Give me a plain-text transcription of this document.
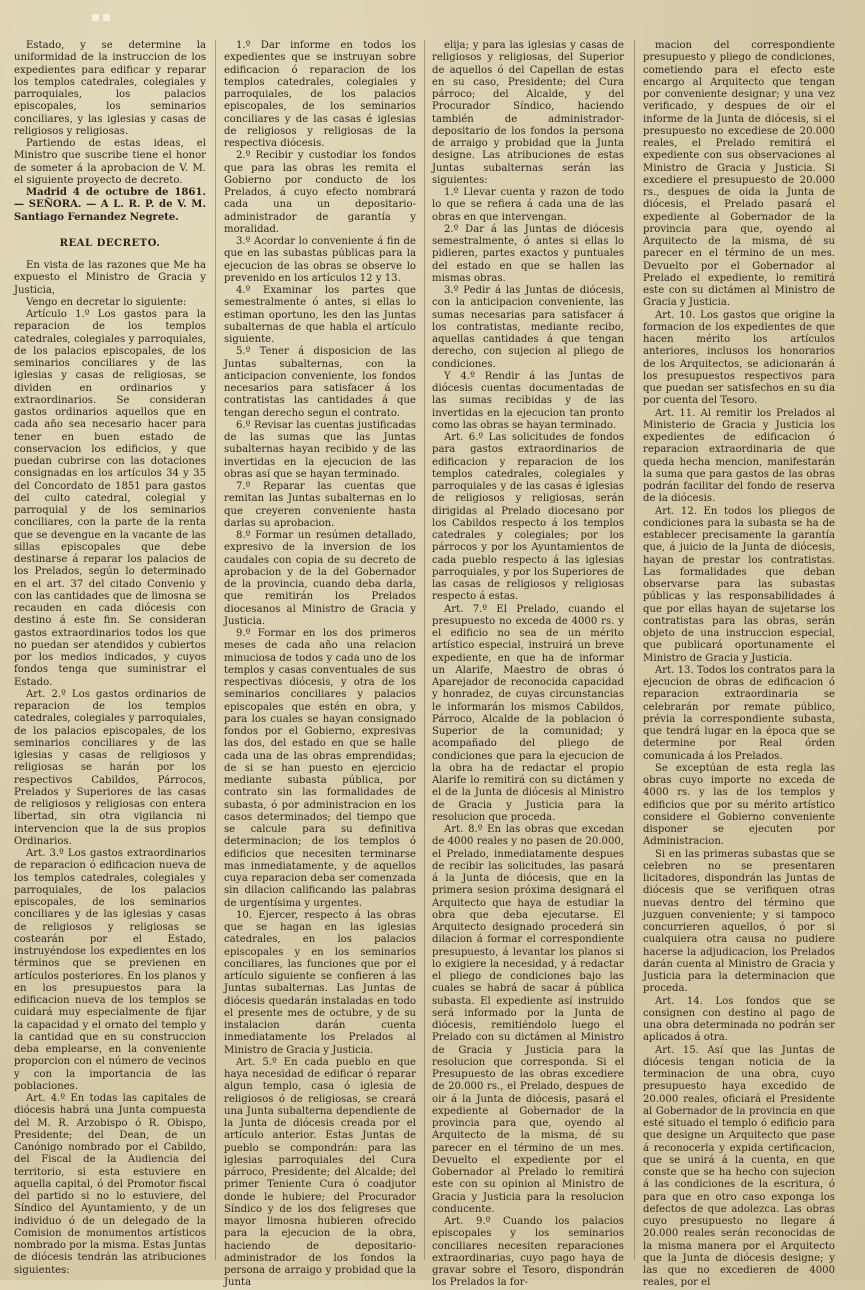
Estado, y se determine la uniformidad de la instruccion de los expedientes para edificar y reparar los templos catedrales, colegiales y parroquiales, los palacios episcopales, los seminarios conciliares, y las iglesias y casas de religiosos y religiosas.

Partiendo de estas ideas, el Ministro que suscribe tiene el honor de someter á la aprobacion de V. M. el siguiente proyecto de decreto.

Madrid 4 de octubre de 1861. — SEÑORA. — A L. R. P. de V. M. Santiago Fernandez Negrete.

REAL DECRETO.

En vista de las razones que Me ha expuesto el Ministro de Gracia y Justicia,

Vengo en decretar lo siguiente:

Artículo 1.º Los gastos para la reparacion de los templos catedrales, colegiales y parroquiales, de los palacios episcopales, de los seminarios conciliares y de las iglesias y casas de religiosas, se dividen en ordinarios y extraordinarios. Se consideran gastos ordinarios aquellos que en cada año sea necesario hacer para tener en buen estado de conservacion los edificios, y que puedan cubrirse con las dotaciones consignadas en los artículos 34 y 35 del Concordato de 1851 para gastos del culto catedral, colegial y parroquial y de los seminarios conciliares, con la parte de la renta que se devengue en la vacante de las sillas episcopales que debe destinarse á reparar los palacios de los Prelados, según lo determinado en el art. 37 del citado Convenio y con las cantidades que de limosna se recauden en cada diócesis con destino á este fin. Se consideran gastos extraordinarios todos los que no puedan ser atendidos y cubiertos por los medios indicados, y cuyos fondos tenga que suministrar el Estado.

Art. 2.º Los gastos ordinarios de reparacion de los templos catedrales, colegiales y parroquiales, de los palacios episcopales, de los seminarios conciliares y de las iglesias y casas de religiosos y religiosas se harán por los respectivos Cabildos, Párrocos, Prelados y Superiores de las casas de religiosos y religiosas con entera libertad, sin otra vigilancia ni intervencion que la de sus propios Ordinarios.

Art. 3.º Los gastos extraordinarios de reparacion ó edificacion nueva de los templos catedrales, colegiales y parroquiales, de los palacios episcopales, de los seminarios conciliares y de las iglesias y casas de religiosos y religiosas se costearán por el Estado, instruyéndose los expedientes en los términos que se previenen en artículos posteriores. En los planos y en los presupuestos para la edificacion nueva de los templos se cuidará muy especialmente de fijar la capacidad y el ornato del templo y la cantidad que en su construccion deba emplearse, en la conveniente proporcion con el número de vecinos y con la importancia de las poblaciones.

Art. 4.º En todas las capitales de diócesis habrá una Junta compuesta del M. R. Arzobispo ó R. Obispo, Presidente; del Dean, de un Canónigo nombrado por el Cabildo, del Fiscal de la Audiencia del territorio, si esta estuviere en aquella capital, ó del Promotor fiscal del partido si no lo estuviere, del Síndico del Ayuntamiento, y de un individuo ó de un delegado de la Comision de monumentos artísticos nombrado por la misma. Estas Juntas de diócesis tendrán las atribuciones siguientes:

1.º Dar informe en todos los expedientes que se instruyan sobre edificacion ó reparacion de los templos catedrales, colegiales y parroquiales, de los palacios episcopales, de los seminarios conciliares y de las casas é iglesias de religiosos y religiosas de la respectiva diócesis.

2.º Recibir y custodiar los fondos que para las obras les remita el Gobierno por conducto de los Prelados, á cuyo efecto nombrará cada una un depositario-administrador de garantía y moralidad.

3.º Acordar lo conveniente á fin de que en las subastas públicas para la ejecucion de las obras se observe lo prevenido en los artículos 12 y 13.

4.º Examinar los partes que semestralmente ó antes, si ellas lo estiman oportuno, les den las Juntas subalternas de que habla el artículo siguiente.

5.º Tener á disposicion de las Juntas subalternas, con la anticipacion conveniente, los fondos necesarios para satisfacer á los contratistas las cantidades á que tengan derecho segun el contrato.

6.º Revisar las cuentas justificadas de las sumas que las Juntas subalternas hayan recibido y de las invertidas en la ejecucion de las obras así que se hayan terminado.

7.º Reparar las cuentas que remitan las Juntas subalternas en lo que creyeren conveniente hasta darlas su aprobacion.

8.º Formar un resúmen detallado, expresivo de la inversion de los caudales con copia de su decreto de aprobacion y de la del Gobernador de la provincia, cuando deba darla, que remitirán los Prelados diocesanos al Ministro de Gracia y Justicia.

9.º Formar en los dos primeros meses de cada año una relacion minuciosa de todos y cada uno de los templos y casas conventuales de sus respectivas diócesis, y otra de los seminarios conciliares y palacios episcopales que estén en obra, y para los cuales se hayan consignado fondos por el Gobierno, expresivas las dos, del estado en que se halle cada una de las obras emprendidas; de si se han puesto en ejercicio mediante subasta pública, por contrato sin las formalidades de subasta, ó por administracion en los casos determinados; del tiempo que se calcule para su definitiva determinacion; de los templos ó edificios que necesiten terminarse mas inmediatamente, y de aquellos cuya reparacion deba ser comenzada sin dilacion calificando las palabras de urgentísima y urgentes.

10. Ejercer, respecto á las obras que se hagan en las iglesias catedrales, en los palacios episcopales y en los seminarios conciliares, las funciones que por el artículo siguiente se confieren á las Juntas subalternas. Las Juntas de diócesis quedarán instaladas en todo el presente mes de octubre, y de su instalacion darán cuenta inmediatamente los Prelados al Ministro de Gracia y Justicia.

Art. 5.º En cada pueblo en que haya necesidad de edificar ó reparar algun templo, casa ó iglesia de religiosos ó de religiosas, se creará una Junta subalterna dependiente de la Junta de diócesis creada por el artículo anterior. Estas Juntas de pueblo se compondrán: para las iglesias parroquiales del Cura párroco, Presidente; del Alcalde; del primer Teniente Cura ó coadjutor donde le hubiere; del Procurador Síndico y de los dos feligreses que mayor limosna hubieren ofrecido para la ejecucion de la obra, haciendo de depositario-administrador de los fondos la persona de arraigo y probidad que la Junta

elija; y para las iglesias y casas de religiosos y religiosas, del Superior de aquellos ó del Capellan de estas en su caso, Presidente; del Cura párroco; del Alcalde, y del Procurador Síndico, haciendo también de administrador-depositario de los fondos la persona de arraigo y probidad que la Junta designe. Las atribuciones de estas Juntas subalternas serán las siguientes:

1.º Llevar cuenta y razon de todo lo que se refiera á cada una de las obras en que intervengan.

2.º Dar á las Juntas de diócesis semestralmente, ó antes si ellas lo pidieren, partes exactos y puntuales del estado en que se hallen las mismas obras.

3.º Pedir á las Juntas de diócesis, con la anticipacion conveniente, las sumas necesarias para satisfacer á los contratistas, mediante recibo, aquellas cantidades á que tengan derecho, con sujecion al pliego de condiciones.

Y 4.º Rendir á las Juntas de diócesis cuentas documentadas de las sumas recibidas y de las invertidas en la ejecucion tan pronto como las obras se hayan terminado.

Art. 6.º Las solicitudes de fondos para gastos extraordinarios de edificacion y reparacion de los templos catedrales, colegiales y parroquiales y de las casas é iglesias de religiosos y religiosas, serán dirigidas al Prelado diocesano por los Cabildos respecto á los templos catedrales y colegiales; por los párrocos y por los Ayuntamientos de cada pueblo respecto á las iglesias parroquiales, y por los Superiores de las casas de religiosos y religiosas respecto á estas.

Art. 7.º El Prelado, cuando el presupuesto no exceda de 4000 rs. y el edificio no sea de un mérito artístico especial, instruirá un breve expediente, en que ha de informar un Alarife, Maestro de obras ó Aparejador de reconocida capacidad y honradez, de cuyas circunstancias le informarán los mismos Cabildos, Párroco, Alcalde de la poblacion ó Superior de la comunidad; y acompañado del pliego de condiciones que para la ejecucion de la obra ha de redactar el propio Alarife lo remitirá con su dictámen y el de la Junta de diócesis al Ministro de Gracia y Justicia para la resolucion que proceda.

Art. 8.º En las obras que excedan de 4000 reales y no pasen de 20.000, el Prelado, inmediatamente despues de recibir las solicitudes, las pasará á la Junta de diócesis, que en la primera sesion próxima designará el Arquitecto que haya de estudiar la obra que deba ejecutarse. El Arquitecto designado procederá sin dilacion á formar el correspondiente presupuesto, á levantar los planos si lo exigiere la necesidad, y á redactar el pliego de condiciones bajo las cuales se habrá de sacar á pública subasta. El expediente así instruido será informado por la Junta de diócesis, remitiéndolo luego el Prelado con su dictámen al Ministro de Gracia y Justicia para la resolucion que corresponda. Si el Presupuesto de las obras excediere de 20.000 rs., el Prelado, despues de oir á la Junta de diócesis, pasará el expediente al Gobernador de la provincia para que, oyendo al Arquitecto de la misma, dé su parecer en el término de un mes. Devuelto el expediente por el Gobernador al Prelado lo remitirá este con su opinion al Ministro de Gracia y Justicia para la resolucion conducente.

Art. 9.º Cuando los palacios episcopales y los seminarios conciliares necesiten reparaciones extraordinarias, cuyo pago haya de gravar sobre el Tesoro, dispondrán los Prelados la for-

macion del correspondiente presupuesto y pliego de condiciones, cometiendo para el efecto este encargo al Arquitecto que tengan por conveniente designar; y una vez verificado, y despues de oir el informe de la Junta de diócesis, si el presupuesto no excediese de 20.000 reales, el Prelado remitirá el expediente con sus observaciones al Ministro de Gracia y Justicia. Si excediere el presupuesto de 20.000 rs., despues de oida la Junta de diócesis, el Prelado pasará el expediente al Gobernador de la provincia para que, oyendo al Arquitecto de la misma, dé su parecer en el término de un mes. Devuelto por el Gobernador al Prelado el expediente, lo remitirá este con su dictámen al Ministro de Gracia y Justicia.

Art. 10. Los gastos que origine la formacion de los expedientes de que hacen mérito los artículos anteriores, inclusos los honorarios de los Arquitectos, se adicionarán á los presupuestos respectivos para que puedan ser satisfechos en su dia por cuenta del Tesoro.

Art. 11. Al remitir los Prelados al Ministerio de Gracia y Justicia los expedientes de edificacion ó reparacion extraordinaria de que queda hecha mencion, manifestarán la suma que para gastos de las obras podrán facilitar del fondo de reserva de la diócesis.

Art. 12. En todos los pliegos de condiciones para la subasta se ha de establecer precisamente la garantía que, á juicio de la Junta de diócesis, hayan de prestar los contratistas. Las formalidades que deban observarse para las subastas públicas y las responsabilidades á que por ellas hayan de sujetarse los contratistas para las obras, serán objeto de una instruccion especial, que publicará oportunamente el Ministro de Gracia y Justicia.

Art. 13. Todos los contratos para la ejecucion de obras de edificacion ó reparacion extraordinaria se celebrarán por remate público, prévia la correspondiente subasta, que tendrá lugar en la época que se determine por Real órden comunicada á los Prelados.

Se exceptúan de esta regla las obras cuyo importe no exceda de 4000 rs. y las de los templos y edificios que por su mérito artístico considere el Gobierno conveniente disponer se ejecuten por Administracion.

Si en las primeras subastas que se celebren no se presentaren licitadores, dispondrán las Juntas de diócesis que se verifiquen otras nuevas dentro del término que juzguen conveniente; y si tampoco concurrieren aquellos, ó por si cualquiera otra causa no pudiere hacerse la adjudicacion, los Prelados darán cuenta al Ministro de Gracia y Justicia para la determinacion que proceda.

Art. 14. Los fondos que se consignen con destino al pago de una obra determinada no podrán ser aplicados á otra.

Art. 15. Así que las Juntas de diócesis tengan noticia de la terminacion de una obra, cuyo presupuesto haya excedido de 20.000 reales, oficiará el Presidente al Gobernador de la provincia en que esté situado el templo ó edificio para que designe un Arquitecto que pase á reconocerla y expida certificacion, que se unirá á la cuenta, en que conste que se ha hecho con sujecion á las condiciones de la escritura, ó para que en otro caso exponga los defectos de que adolezca. Las obras cuyo presupuesto no llegare á 20.000 reales serán reconocidas de la misma manera por el Arquitecto que la Junta de diócesis designe; y las que no excedieren de 4000 reales, por el
